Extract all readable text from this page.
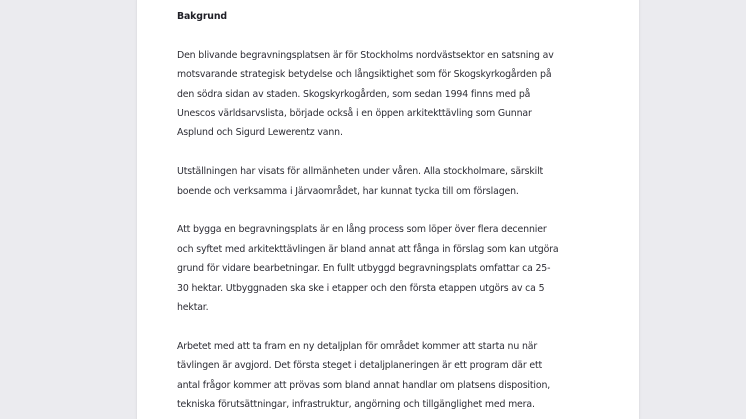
Bakgrund
Den blivande begravningsplatsen är för Stockholms nordvästsektor en satsning av
motsvarande strategisk betydelse och långsiktighet som för Skogskyrkogården på
den södra sidan av staden. Skogskyrkogården, som sedan 1994 finns med på
Unescos världsarvslista, började också i en öppen arkitekttävling som Gunnar
Asplund och Sigurd Lewerentz vann.
Utställningen har visats för allmänheten under våren. Alla stockholmare, särskilt
boende och verksamma i Järvaområdet, har kunnat tycka till om förslagen.
Att bygga en begravningsplats är en lång process som löper över flera decennier
och syftet med arkitekttävlingen är bland annat att fånga in förslag som kan utgöra
grund för vidare bearbetningar. En fullt utbyggd begravningsplats omfattar ca 25-
30 hektar. Utbyggnaden ska ske i etapper och den första etappen utgörs av ca 5
hektar.
Arbetet med att ta fram en ny detaljplan för området kommer att starta nu när
tävlingen är avgjord. Det första steget i detaljplaneringen är ett program där ett
antal frågor kommer att prövas som bland annat handlar om platsens disposition,
tekniska förutsättningar, infrastruktur, angörning och tillgänglighet med mera.
